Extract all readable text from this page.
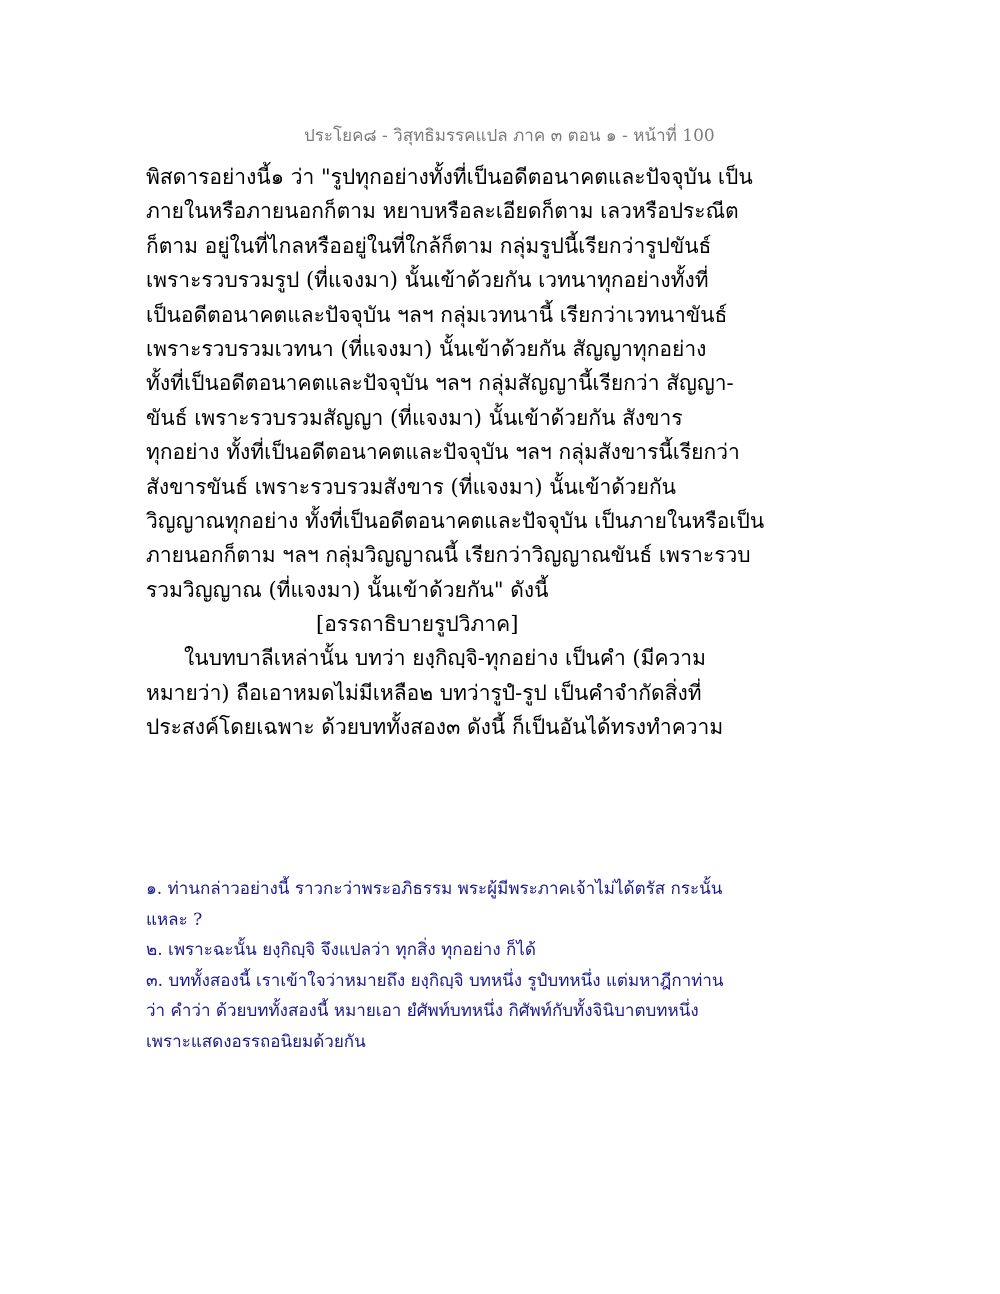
ประโยค๘ - วิสุทธิมรรคแปล ภาค ๓ ตอน ๑ - หน้าที่ 100
พิสดารอย่างนี้๑ ว่า "รูปทุกอย่างทั้งที่เป็นอดีตอนาคตและปัจจุบัน เป็น
ภายในหรือภายนอกก็ตาม หยาบหรือละเอียดก็ตาม เลวหรือประณีต
ก็ตาม อยู่ในที่ไกลหรืออยู่ในที่ใกล้ก็ตาม กลุ่มรูปนี้เรียกว่ารูปขันธ์
เพราะรวบรวมรูป (ที่แจงมา) นั้นเข้าด้วยกัน เวทนาทุกอย่างทั้งที่
เป็นอดีตอนาคตและปัจจุบัน ฯลฯ กลุ่มเวทนานี้ เรียกว่าเวทนาขันธ์
เพราะรวบรวมเวทนา (ที่แจงมา) นั้นเข้าด้วยกัน สัญญาทุกอย่าง
ทั้งที่เป็นอดีตอนาคตและปัจจุบัน ฯลฯ กลุ่มสัญญานี้เรียกว่า สัญญา-
ขันธ์ เพราะรวบรวมสัญญา (ที่แจงมา) นั้นเข้าด้วยกัน สังขาร
ทุกอย่าง ทั้งที่เป็นอดีตอนาคตและปัจจุบัน ฯลฯ กลุ่มสังขารนี้เรียกว่า
สังขารขันธ์ เพราะรวบรวมสังขาร (ที่แจงมา) นั้นเข้าด้วยกัน
วิญญาณทุกอย่าง ทั้งที่เป็นอดีตอนาคตและปัจจุบัน เป็นภายในหรือเป็น
ภายนอกก็ตาม ฯลฯ กลุ่มวิญญาณนี้ เรียกว่าวิญญาณขันธ์ เพราะรวบ
รวมวิญญาณ (ที่แจงมา) นั้นเข้าด้วยกัน" ดังนี้
[อรรถาธิบายรูปวิภาค]
ในบทบาลีเหล่านั้น บทว่า ยงฺกิญฺจิ-ทุกอย่าง เป็นคำ (มีความ
หมายว่า) ถือเอาหมดไม่มีเหลือ๒ บทว่ารูปํ-รูป เป็นคำจำกัดสิ่งที่
ประสงค์โดยเฉพาะ ด้วยบททั้งสอง๓ ดังนี้ ก็เป็นอันได้ทรงทำความ
๑. ท่านกล่าวอย่างนี้ ราวกะว่าพระอภิธรรม พระผู้มีพระภาคเจ้าไม่ได้ตรัส กระนั้น
แหละ ?
๒. เพราะฉะนั้น ยงฺกิญฺจิ จึงแปลว่า ทุกสิ่ง ทุกอย่าง ก็ได้
๓. บททั้งสองนี้ เราเข้าใจว่าหมายถึง ยงฺกิญฺจิ บทหนึ่ง รูปํบทหนึ่ง แต่มหาฎีกาท่าน
ว่า คำว่า ด้วยบททั้งสองนี้ หมายเอา ยํศัพท์บทหนึ่ง กิศัพท์กับทั้งจินิบาตบทหนึ่ง
เพราะแสดงอรรถอนิยมด้วยกัน
